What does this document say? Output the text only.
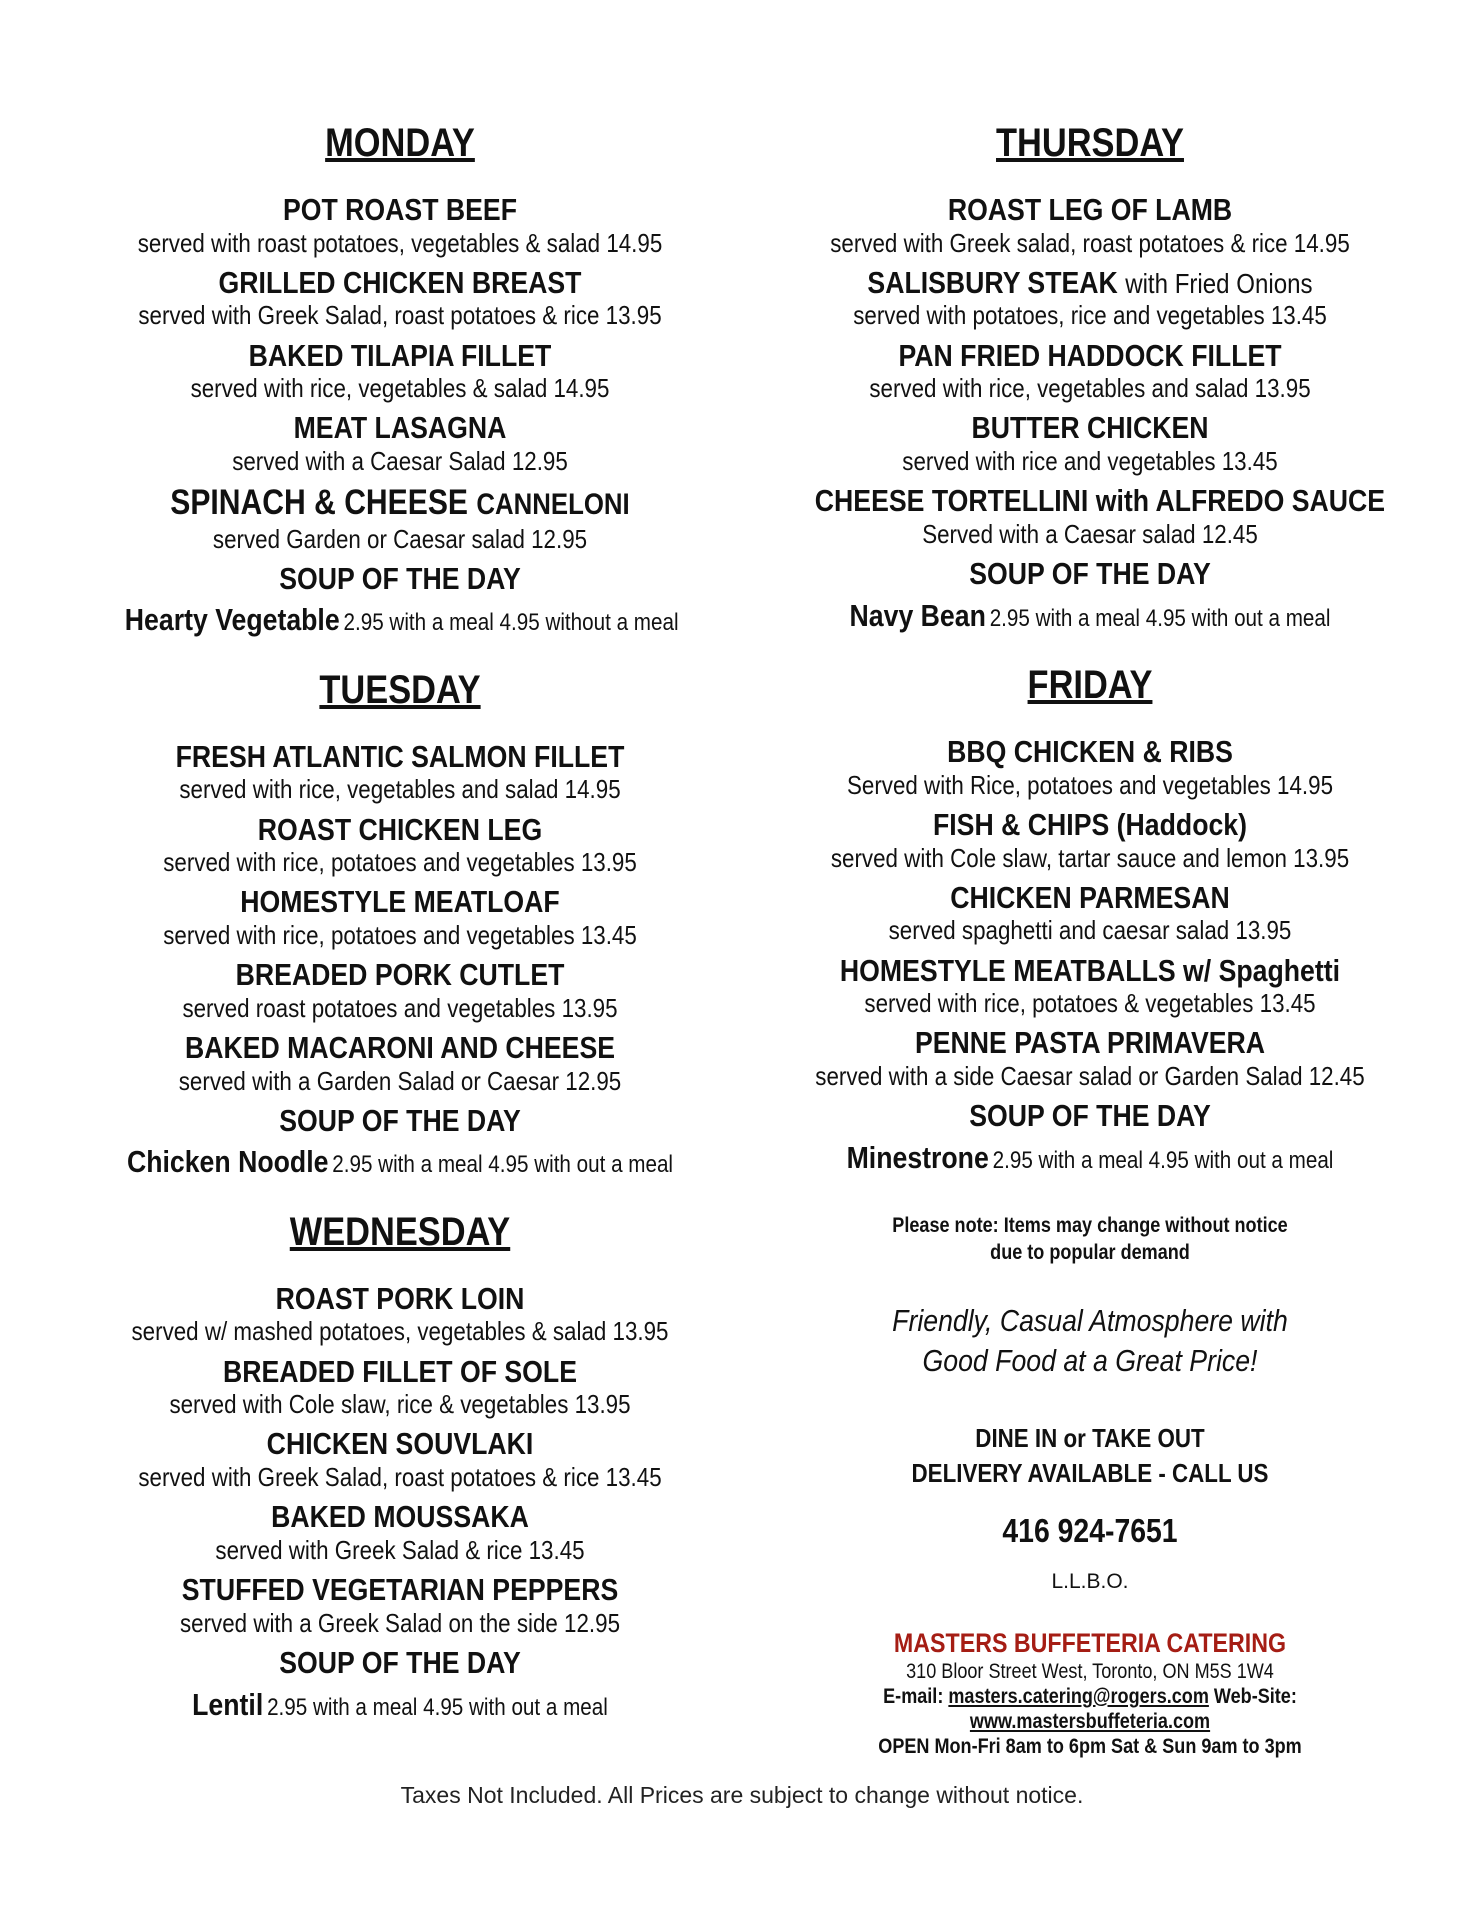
MONDAY
POT ROAST BEEF
served with roast potatoes, vegetables & salad 14.95
GRILLED CHICKEN BREAST
served with Greek Salad, roast potatoes & rice 13.95
BAKED TILAPIA FILLET
served with rice, vegetables & salad 14.95
MEAT LASAGNA
served with a Caesar Salad 12.95
SPINACH & CHEESE CANNELONI
served Garden or Caesar salad 12.95
SOUP OF THE DAY
Hearty Vegetable 2.95 with a meal 4.95 without a meal
TUESDAY
FRESH ATLANTIC SALMON FILLET
served with rice, vegetables and salad 14.95
ROAST CHICKEN LEG
served with rice, potatoes and vegetables 13.95
HOMESTYLE MEATLOAF
served with rice, potatoes and vegetables 13.45
BREADED PORK CUTLET
served roast potatoes and vegetables 13.95
BAKED MACARONI AND CHEESE
served with a Garden Salad or Caesar 12.95
SOUP OF THE DAY
Chicken Noodle 2.95 with a meal 4.95 with out a meal
WEDNESDAY
ROAST PORK LOIN
served w/ mashed potatoes, vegetables & salad 13.95
BREADED FILLET OF SOLE
served with Cole slaw, rice & vegetables 13.95
CHICKEN SOUVLAKI
served with Greek Salad, roast potatoes & rice 13.45
BAKED MOUSSAKA
served with Greek Salad & rice 13.45
STUFFED VEGETARIAN PEPPERS
served with a Greek Salad on the side 12.95
SOUP OF THE DAY
Lentil 2.95 with a meal 4.95 with out a meal
THURSDAY
ROAST LEG OF LAMB
served with Greek salad, roast potatoes & rice 14.95
SALISBURY STEAK with Fried Onions
served with potatoes, rice and vegetables 13.45
PAN FRIED HADDOCK FILLET
served with rice, vegetables and salad 13.95
BUTTER CHICKEN
served with rice and vegetables 13.45
CHEESE TORTELLINI with ALFREDO SAUCE
Served with a Caesar salad 12.45
SOUP OF THE DAY
Navy Bean 2.95 with a meal 4.95 with out a meal
FRIDAY
BBQ CHICKEN & RIBS
Served with Rice, potatoes and vegetables 14.95
FISH & CHIPS (Haddock)
served with Cole slaw, tartar sauce and lemon 13.95
CHICKEN PARMESAN
served spaghetti and caesar salad 13.95
HOMESTYLE MEATBALLS w/ Spaghetti
served with rice, potatoes & vegetables 13.45
PENNE PASTA PRIMAVERA
served with a side Caesar salad or Garden Salad 12.45
SOUP OF THE DAY
Minestrone 2.95 with a meal 4.95 with out a meal
Please note: Items may change without notice
due to popular demand
Friendly, Casual Atmosphere with
Good Food at a Great Price!
DINE IN or TAKE OUT
DELIVERY AVAILABLE - CALL US
416 924-7651
L.L.B.O.
MASTERS BUFFETERIA CATERING
310 Bloor Street West, Toronto, ON M5S 1W4
E-mail: masters.catering@rogers.com Web-Site:
www.mastersbuffeteria.com
OPEN Mon-Fri 8am to 6pm Sat & Sun 9am to 3pm
Taxes Not Included. All Prices are subject to change without notice.
